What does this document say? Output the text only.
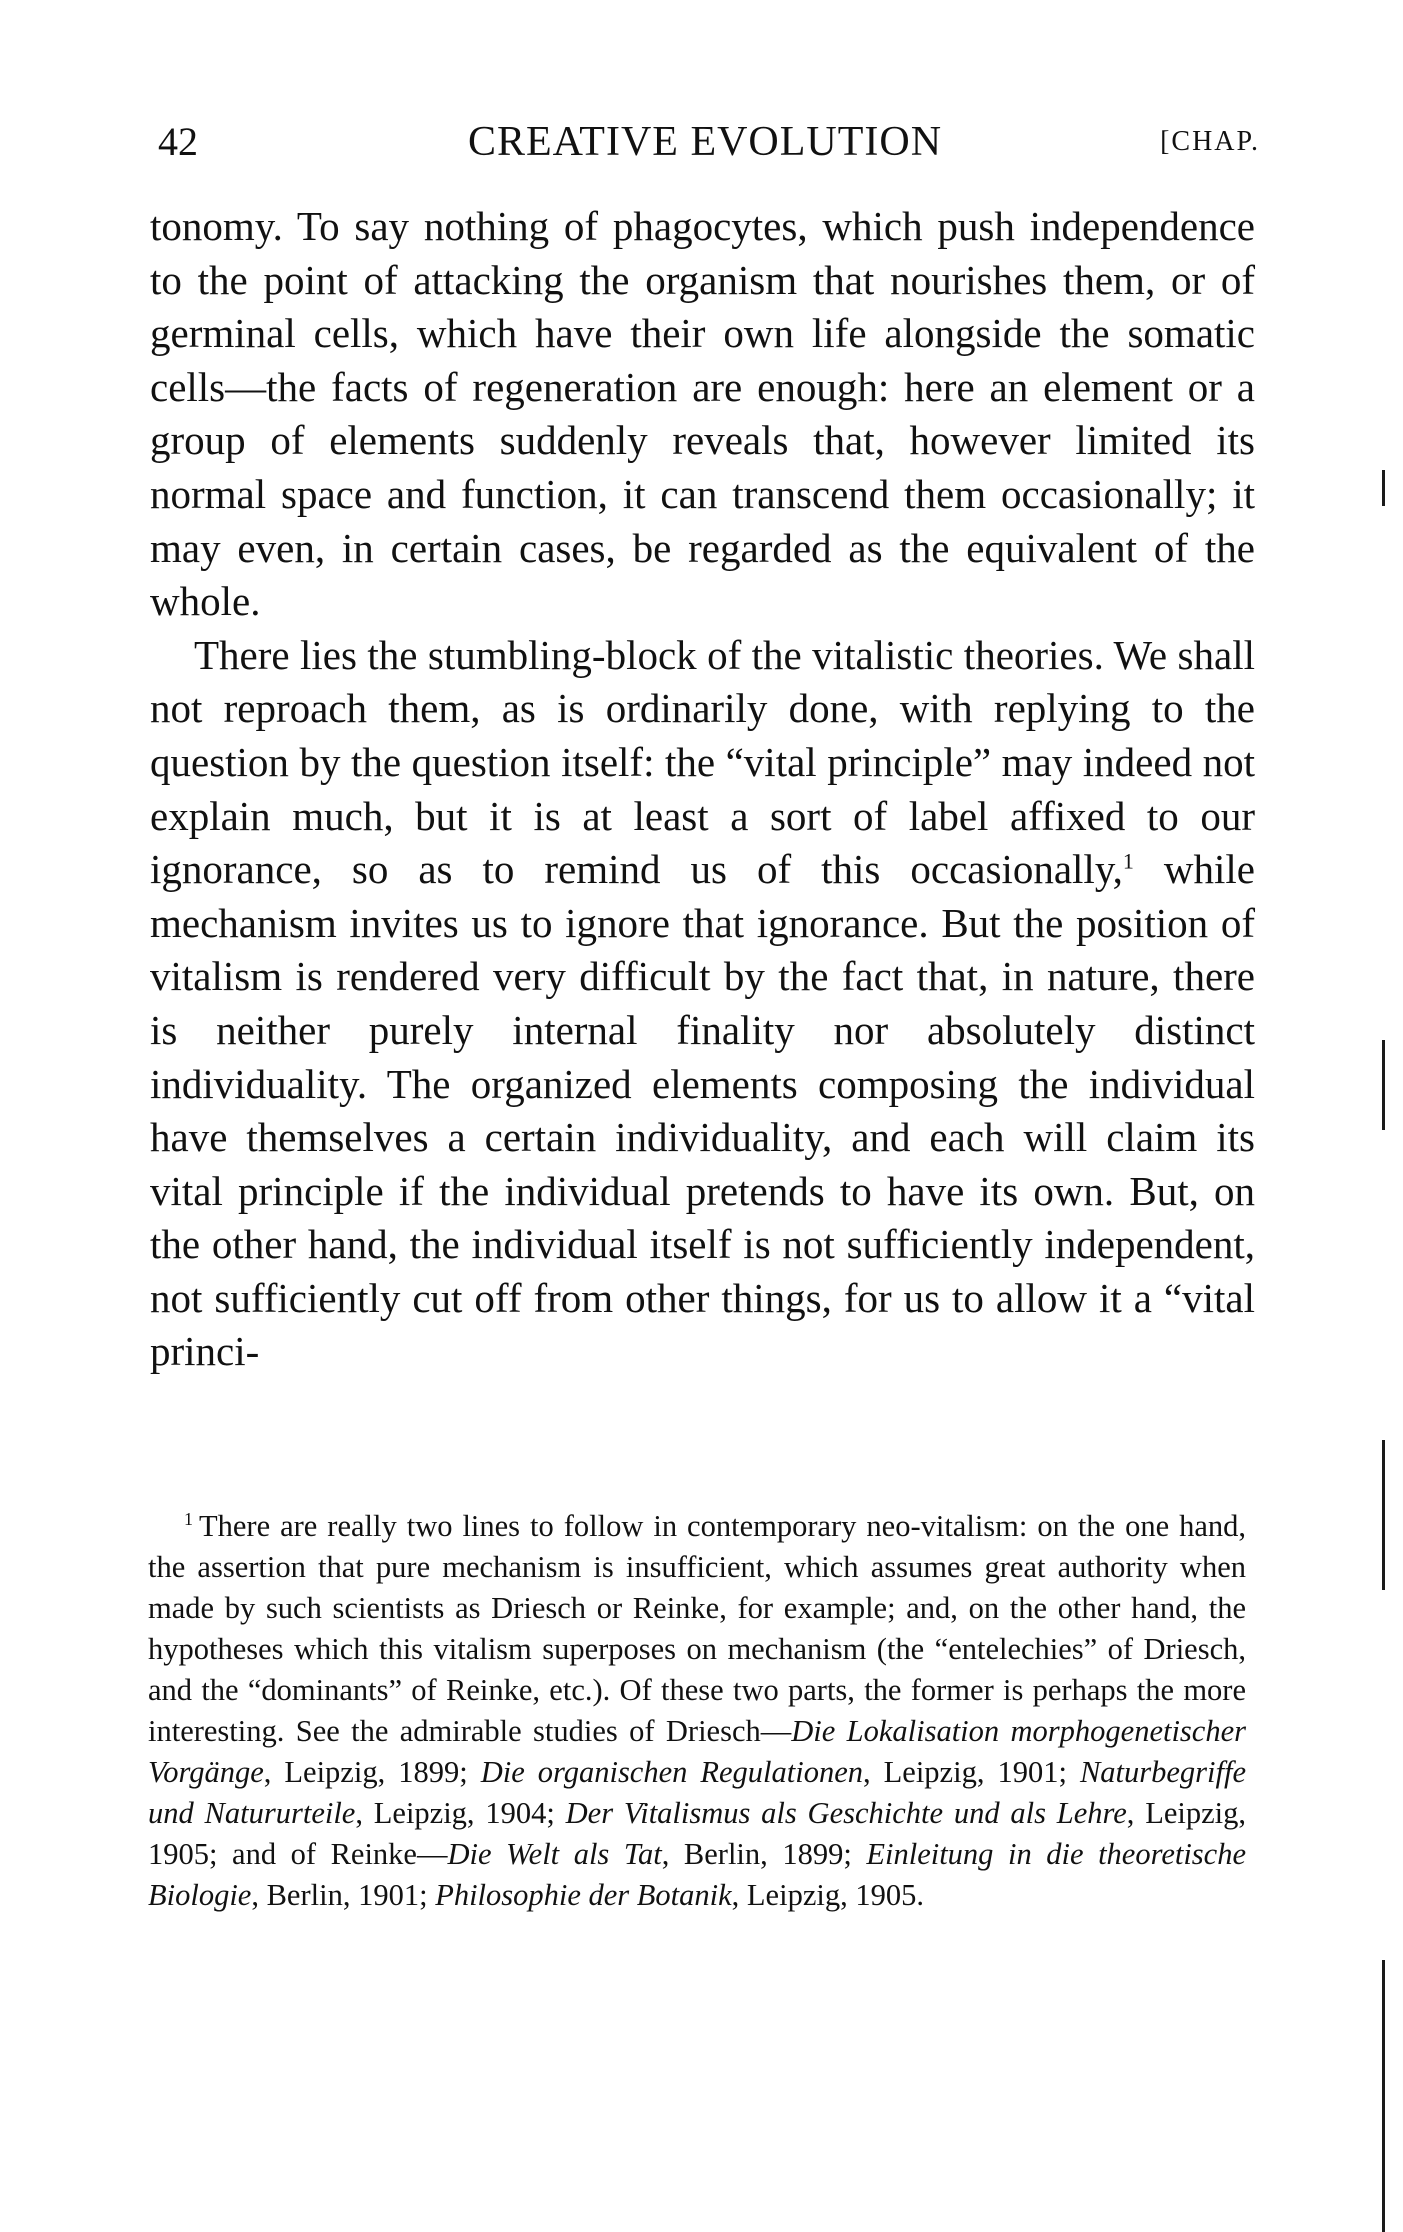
42	CREATIVE EVOLUTION	[CHAP.

tonomy. To say nothing of phagocytes, which push independence to the point of attacking the organism that nourishes them, or of germinal cells, which have their own life alongside the somatic cells—the facts of regeneration are enough: here an element or a group of elements suddenly reveals that, however limited its normal space and function, it can transcend them occasionally; it may even, in certain cases, be regarded as the equivalent of the whole.

There lies the stumbling-block of the vitalistic theories. We shall not reproach them, as is ordinarily done, with replying to the question by the question itself: the “vital principle” may indeed not explain much, but it is at least a sort of label affixed to our ignorance, so as to remind us of this occasionally,$^1$ while mechanism invites us to ignore that ignorance. But the position of vitalism is rendered very difficult by the fact that, in nature, there is neither purely internal finality nor absolutely distinct individuality. The organized elements composing the individual have themselves a certain individuality, and each will claim its vital principle if the individual pretends to have its own. But, on the other hand, the individual itself is not sufficiently independent, not sufficiently cut off from other things, for us to allow it a “vital princi-

$^1$ There are really two lines to follow in contemporary neo-vitalism: on the one hand, the assertion that pure mechanism is insufficient, which assumes great authority when made by such scientists as Driesch or Reinke, for example; and, on the other hand, the hypotheses which this vitalism superposes on mechanism (the “entelechies” of Driesch, and the “dominants” of Reinke, etc.). Of these two parts, the former is perhaps the more interesting. See the admirable studies of Driesch—Die Lokalisation morphogenetischer Vorgänge, Leipzig, 1899; Die organischen Regulationen, Leipzig, 1901; Naturbegriffe und Natururteile, Leipzig, 1904; Der Vitalismus als Geschichte und als Lehre, Leipzig, 1905; and of Reinke—Die Welt als Tat, Berlin, 1899; Einleitung in die theoretische Biologie, Berlin, 1901; Philosophie der Botanik, Leipzig, 1905.
